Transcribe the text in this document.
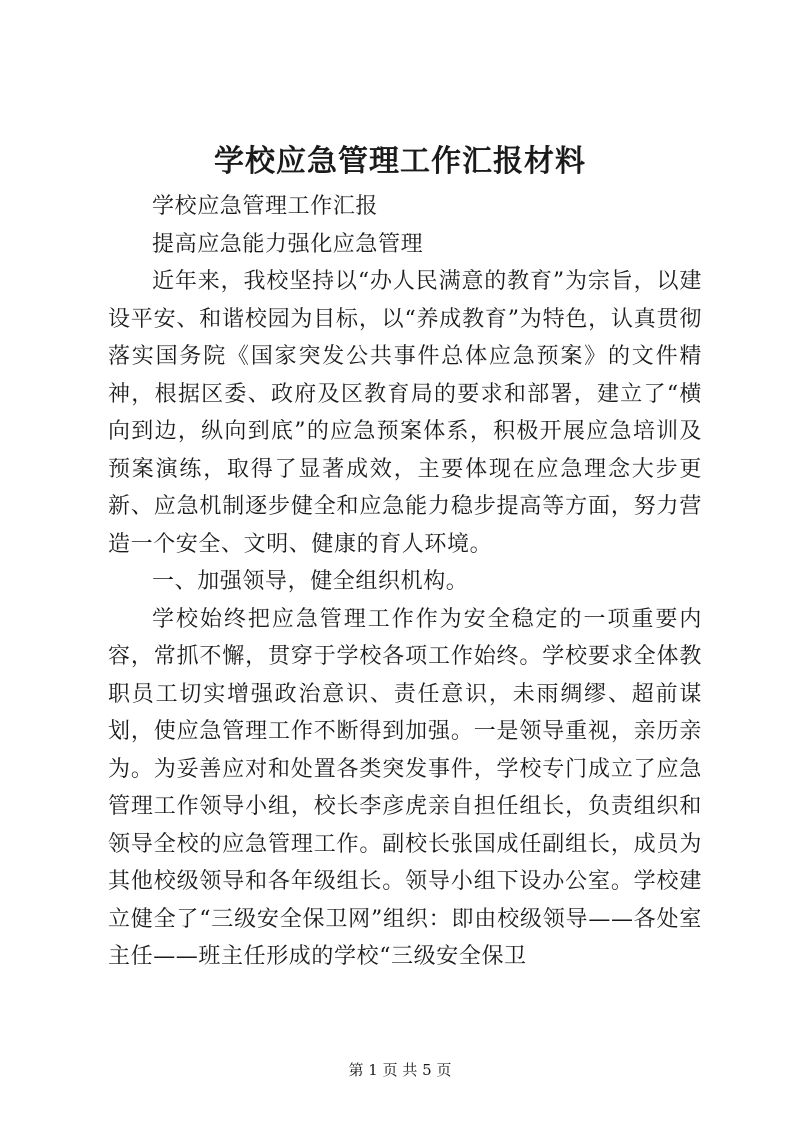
学校应急管理工作汇报材料

学校应急管理工作汇报

提高应急能力强化应急管理

近年来，我校坚持以“办人民满意的教育”为宗旨，以建设平安、和谐校园为目标，以“养成教育”为特色，认真贯彻落实国务院《国家突发公共事件总体应急预案》的文件精神，根据区委、政府及区教育局的要求和部署，建立了“横向到边，纵向到底”的应急预案体系，积极开展应急培训及预案演练，取得了显著成效，主要体现在应急理念大步更新、应急机制逐步健全和应急能力稳步提高等方面，努力营造一个安全、文明、健康的育人环境。

一、加强领导，健全组织机构。

学校始终把应急管理工作作为安全稳定的一项重要内容，常抓不懈，贯穿于学校各项工作始终。学校要求全体教职员工切实增强政治意识、责任意识，未雨绸缪、超前谋划，使应急管理工作不断得到加强。一是领导重视，亲历亲为。为妥善应对和处置各类突发事件，学校专门成立了应急管理工作领导小组，校长李彦虎亲自担任组长，负责组织和领导全校的应急管理工作。副校长张国成任副组长，成员为其他校级领导和各年级组长。领导小组下设办公室。学校建立健全了“三级安全保卫网”组织：即由校级领导——各处室主任——班主任形成的学校“三级安全保卫

第 1 页 共 5 页
